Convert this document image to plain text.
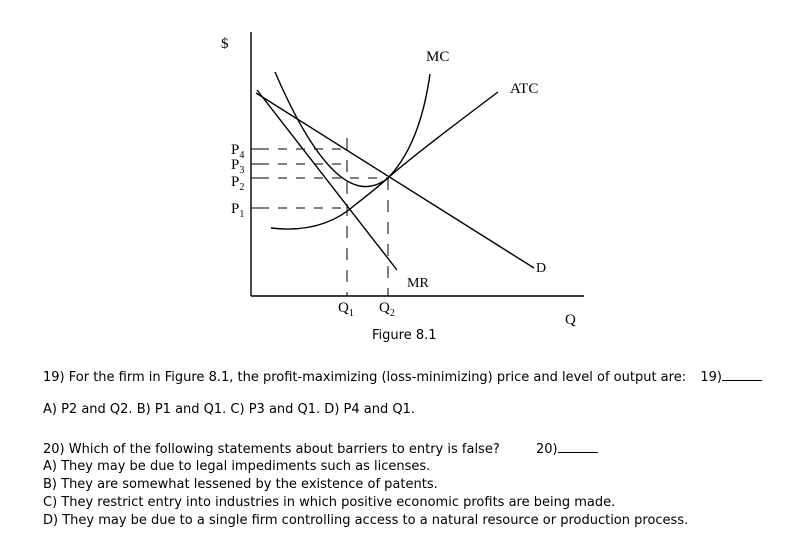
MC
ATC
D
MR
$
Q
$P_4$
$P_3$
$P_2$
$P_1$
$Q_1$ $Q_2$
Figure 8.1
19) For the firm in Figure 8.1, the profit-maximizing (loss-minimizing) price and level of output are: 19)
A) P2 and Q2. B) P1 and Q1. C) P3 and Q1. D) P4 and Q1.
20) Which of the following statements about barriers to entry is false?	20)
A) They may be due to legal impediments such as licenses.
B) They are somewhat lessened by the existence of patents.
C) They restrict entry into industries in which positive economic profits are being made.
D) They may be due to a single firm controlling access to a natural resource or production process.
